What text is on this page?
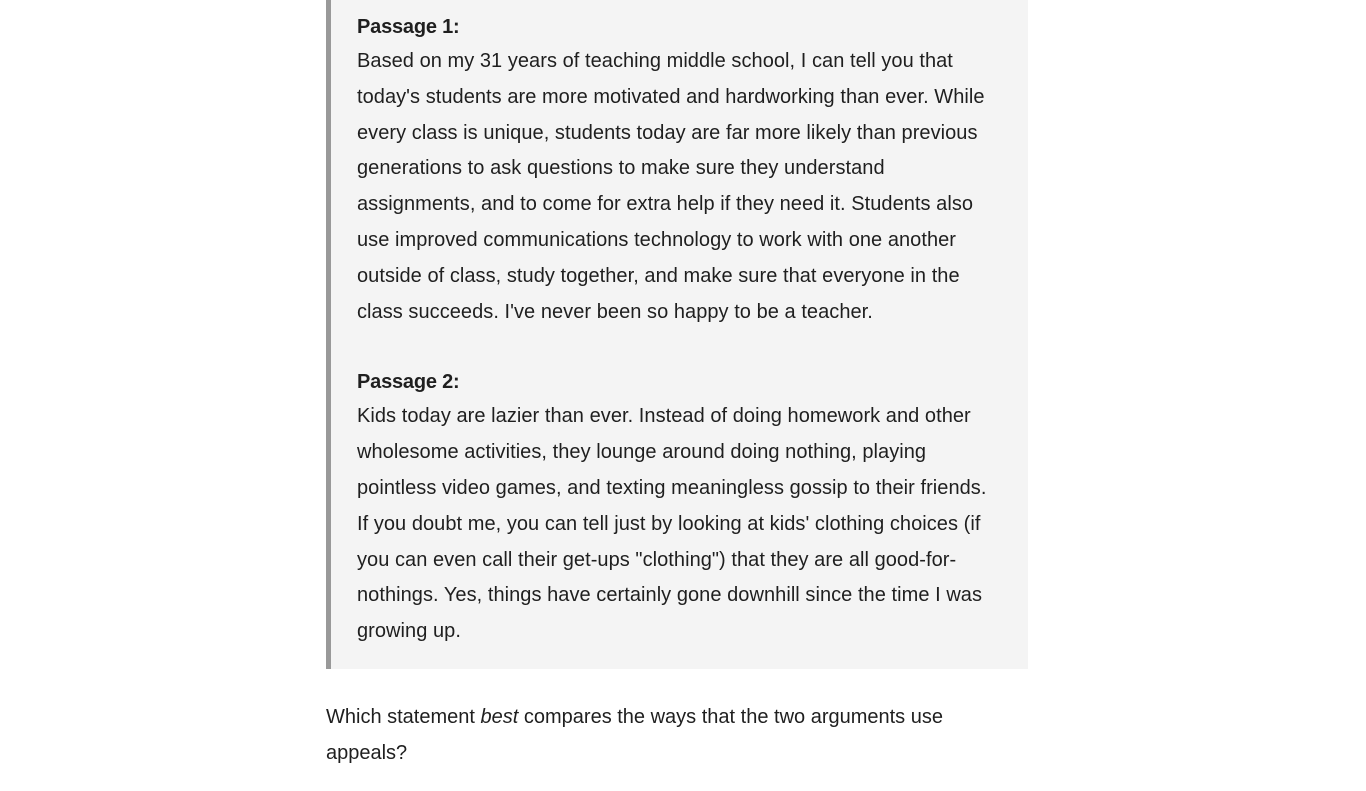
Passage 1:
Based on my 31 years of teaching middle school, I can tell you that today's students are more motivated and hardworking than ever. While every class is unique, students today are far more likely than previous generations to ask questions to make sure they understand assignments, and to come for extra help if they need it. Students also use improved communications technology to work with one another outside of class, study together, and make sure that everyone in the class succeeds. I've never been so happy to be a teacher.

Passage 2:
Kids today are lazier than ever. Instead of doing homework and other wholesome activities, they lounge around doing nothing, playing pointless video games, and texting meaningless gossip to their friends. If you doubt me, you can tell just by looking at kids' clothing choices (if you can even call their get-ups "clothing") that they are all good-for-nothings. Yes, things have certainly gone downhill since the time I was growing up.

Which statement best compares the ways that the two arguments use appeals?
